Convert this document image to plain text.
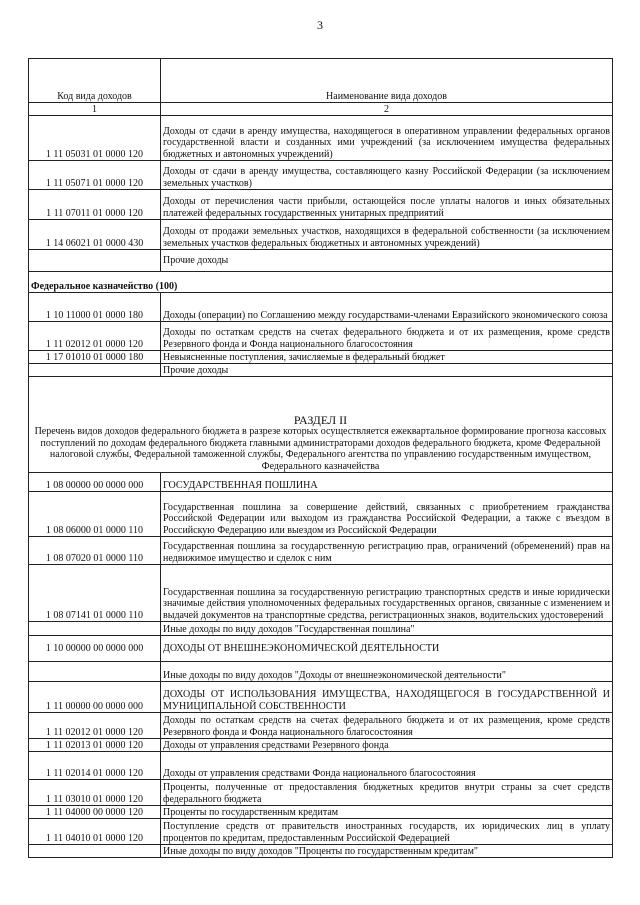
3
Код вида доходов	Наименование вида доходов
1	2
1 11 05031 01 0000 120	Доходы от сдачи в аренду имущества, находящегося в оперативном управлении федеральных органов государственной власти и созданных ими учреждений (за исключением имущества федеральных бюджетных и автономных учреждений)
1 11 05071 01 0000 120	Доходы от сдачи в аренду имущества, составляющего казну Российской Федерации (за исключением земельных участков)
1 11 07011 01 0000 120	Доходы от перечисления части прибыли, остающейся после уплаты налогов и иных обязательных платежей федеральных государственных унитарных предприятий
1 14 06021 01 0000 430	Доходы от продажи земельных участков, находящихся в федеральной собственности (за исключением земельных участков федеральных бюджетных и автономных учреждений)
	Прочие доходы
Федеральное казначейство (100)	
1 10 11000 01 0000 180	Доходы (операции) по Соглашению между государствами-членами Евразийского экономического союза
1 11 02012 01 0000 120	Доходы по остаткам средств на счетах федерального бюджета и от их размещения, кроме средств Резервного фонда и Фонда национального благосостояния
1 17 01010 01 0000 180	Невыясненные поступления, зачисляемые в федеральный бюджет
	Прочие доходы

РАЗДЕЛ II
Перечень видов доходов федерального бюджета в разрезе которых осуществляется ежеквартальное формирование прогноза кассовых поступлений по доходам федерального бюджета главными администраторами доходов федерального бюджета, кроме Федеральной налоговой службы, Федеральной таможенной службы, Федерального агентства по управлению государственным имуществом, Федерального казначейства	
1 08 00000 00 0000 000	ГОСУДАРСТВЕННАЯ ПОШЛИНА
1 08 06000 01 0000 110	Государственная пошлина за совершение действий, связанных с приобретением гражданства Российской Федерации или выходом из гражданства Российской Федерации, а также с въездом в Российскую Федерацию или выездом из Российской Федерации
1 08 07020 01 0000 110	Государственная пошлина за государственную регистрацию прав, ограничений (обременений) прав на недвижимое имущество и сделок с ним
1 08 07141 01 0000 110	Государственная пошлина за государственную регистрацию транспортных средств и иные юридически значимые действия уполномоченных федеральных государственных органов, связанные с изменением и выдачей документов на транспортные средства, регистрационных знаков, водительских удостоверений
	Иные доходы по виду доходов "Государственная пошлина"
1 10 00000 00 0000 000	ДОХОДЫ ОТ ВНЕШНЕЭКОНОМИЧЕСКОЙ ДЕЯТЕЛЬНОСТИ
	Иные доходы по виду доходов "Доходы от внешнеэкономической деятельности"
1 11 00000 00 0000 000	ДОХОДЫ ОТ ИСПОЛЬЗОВАНИЯ ИМУЩЕСТВА, НАХОДЯЩЕГОСЯ В ГОСУДАРСТВЕННОЙ И МУНИЦИПАЛЬНОЙ СОБСТВЕННОСТИ
1 11 02012 01 0000 120	Доходы по остаткам средств на счетах федерального бюджета и от их размещения, кроме средств Резервного фонда и Фонда национального благосостояния
1 11 02013 01 0000 120	Доходы от управления средствами Резервного фонда
1 11 02014 01 0000 120	Доходы от управления средствами Фонда национального благосостояния
1 11 03010 01 0000 120	Проценты, полученные от предоставления бюджетных кредитов внутри страны за счет средств федерального бюджета
1 11 04000 00 0000 120	Проценты по государственным кредитам
1 11 04010 01 0000 120	Поступление средств от правительств иностранных государств, их юридических лиц в уплату процентов по кредитам, предоставленным Российской Федерацией
	Иные доходы по виду доходов "Проценты по государственным кредитам"
